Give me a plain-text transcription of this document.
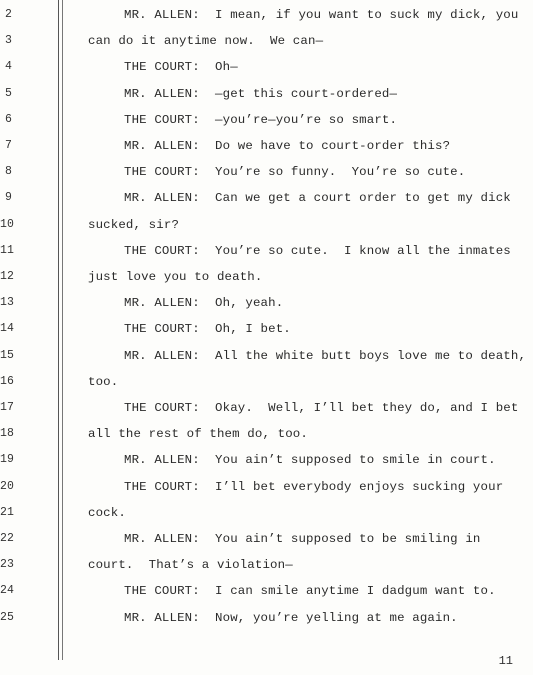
2	MR. ALLEN:  I mean, if you want to suck my dick, you
3	can do it anytime now.  We can—
4	THE COURT:  Oh—
5	MR. ALLEN:  —get this court-ordered—
6	THE COURT:  —you’re—you’re so smart.
7	MR. ALLEN:  Do we have to court-order this?
8	THE COURT:  You’re so funny.  You’re so cute.
9	MR. ALLEN:  Can we get a court order to get my dick
10	sucked, sir?
11	THE COURT:  You’re so cute.  I know all the inmates
12	just love you to death.
13	MR. ALLEN:  Oh, yeah.
14	THE COURT:  Oh, I bet.
15	MR. ALLEN:  All the white butt boys love me to death,
16	too.
17	THE COURT:  Okay.  Well, I’ll bet they do, and I bet
18	all the rest of them do, too.
19	MR. ALLEN:  You ain’t supposed to smile in court.
20	THE COURT:  I’ll bet everybody enjoys sucking your
21	cock.
22	MR. ALLEN:  You ain’t supposed to be smiling in
23	court.  That’s a violation—
24	THE COURT:  I can smile anytime I dadgum want to.
25	MR. ALLEN:  Now, you’re yelling at me again.
11
